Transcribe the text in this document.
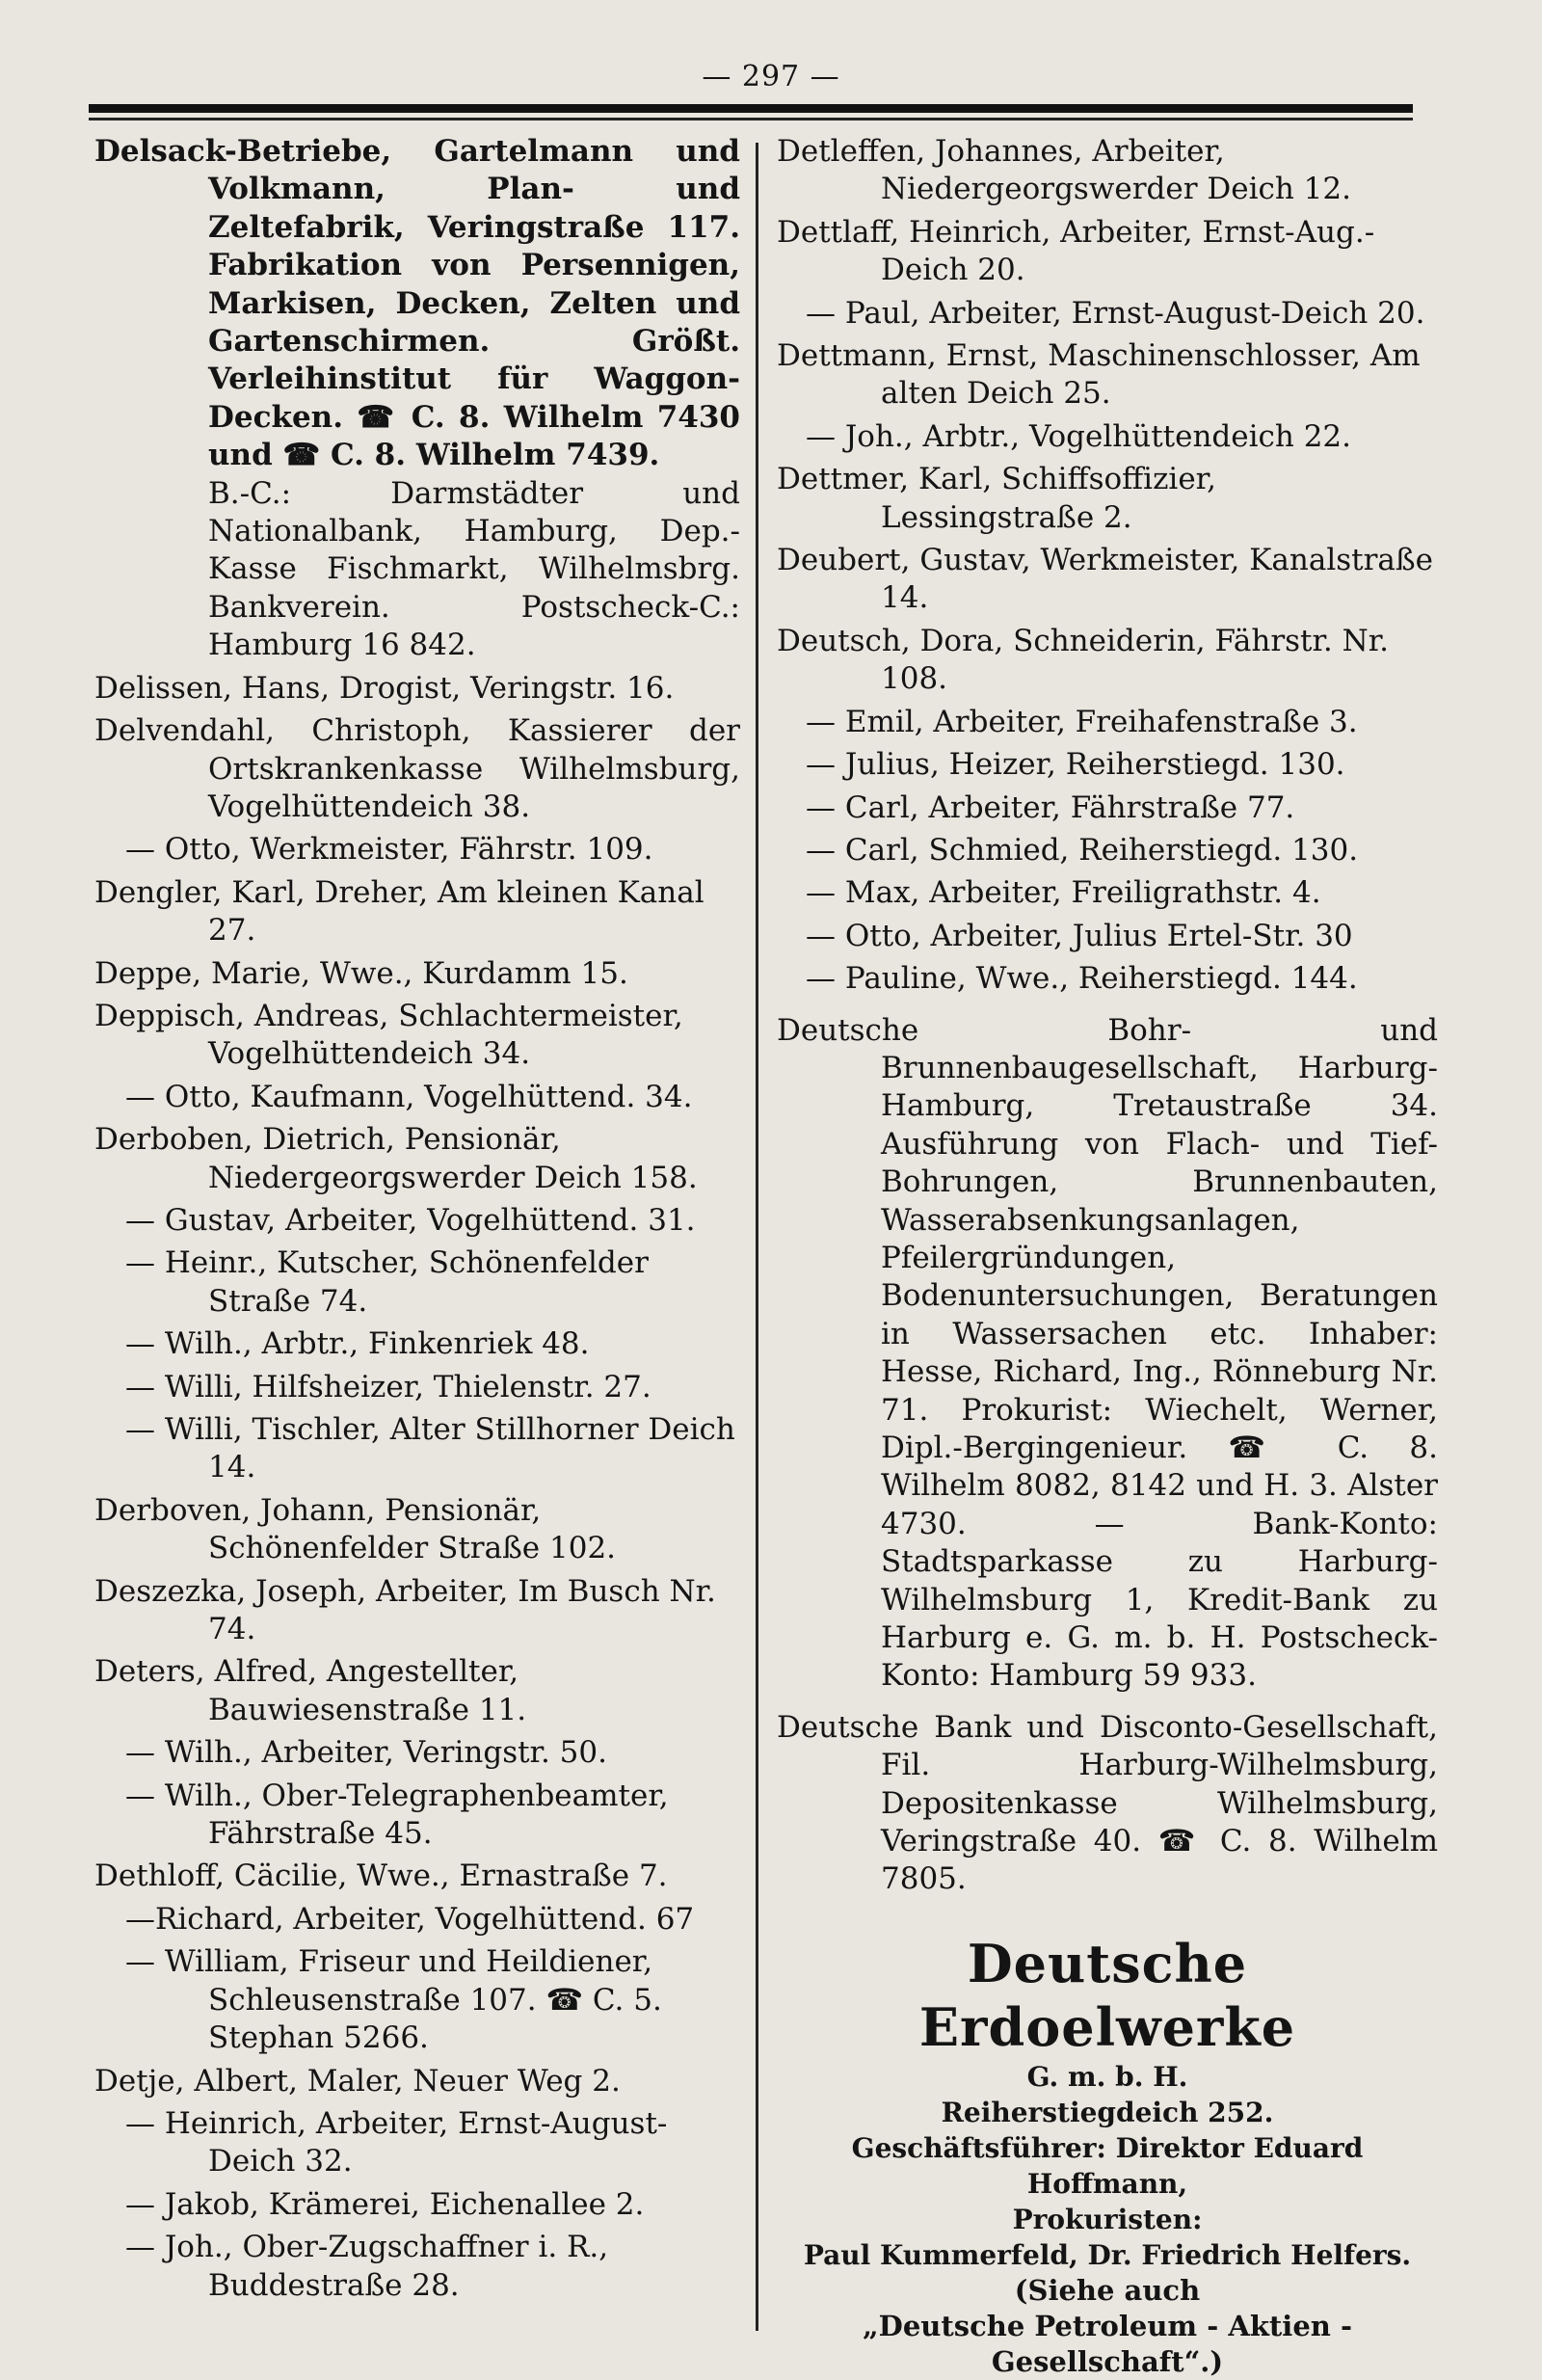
— 297 —
Delsack-Betriebe, Gartelmann und Volkmann, Plan- und Zeltefabrik, Veringstraße 117. Fabrikation von Persennigen, Markisen, Decken, Zelten und Gartenschirmen. Größt. Verleihinstitut für Waggon-Decken. ☎ C. 8. Wilhelm 7430 und ☎ C. 8. Wilhelm 7439.
B.-C.: Darmstädter und Nationalbank, Hamburg, Dep.-Kasse Fischmarkt, Wilhelmsbrg. Bankverein. Postscheck-C.: Hamburg 16 842.
Delissen, Hans, Drogist, Veringstr. 16.
Delvendahl, Christoph, Kassierer der Ortskrankenkasse Wilhelmsburg, Vogelhüttendeich 38.
— Otto, Werkmeister, Fährstr. 109.
Dengler, Karl, Dreher, Am kleinen Kanal 27.
Deppe, Marie, Wwe., Kurdamm 15.
Deppisch, Andreas, Schlachtermeister, Vogelhüttendeich 34.
— Otto, Kaufmann, Vogelhüttend. 34.
Derboben, Dietrich, Pensionär, Niedergeorgswerder Deich 158.
— Gustav, Arbeiter, Vogelhüttend. 31.
— Heinr., Kutscher, Schönenfelder Straße 74.
— Wilh., Arbtr., Finkenriek 48.
— Willi, Hilfsheizer, Thielenstr. 27.
— Willi, Tischler, Alter Stillhorner Deich 14.
Derboven, Johann, Pensionär, Schönenfelder Straße 102.
Deszezka, Joseph, Arbeiter, Im Busch Nr. 74.
Deters, Alfred, Angestellter, Bauwiesenstraße 11.
— Wilh., Arbeiter, Veringstr. 50.
— Wilh., Ober-Telegraphenbeamter, Fährstraße 45.
Dethloff, Cäcilie, Wwe., Ernastraße 7.
—Richard, Arbeiter, Vogelhüttend. 67
— William, Friseur und Heildiener, Schleusenstraße 107. ☎ C. 5. Stephan 5266.
Detje, Albert, Maler, Neuer Weg 2.
— Heinrich, Arbeiter, Ernst-August-Deich 32.
— Jakob, Krämerei, Eichenallee 2.
— Joh., Ober-Zugschaffner i. R., Buddestraße 28.
Detleffen, Johannes, Arbeiter, Niedergeorgswerder Deich 12.
Dettlaff, Heinrich, Arbeiter, Ernst-Aug.-Deich 20.
— Paul, Arbeiter, Ernst-August-Deich 20.
Dettmann, Ernst, Maschinenschlosser, Am alten Deich 25.
— Joh., Arbtr., Vogelhüttendeich 22.
Dettmer, Karl, Schiffsoffizier, Lessingstraße 2.
Deubert, Gustav, Werkmeister, Kanalstraße 14.
Deutsch, Dora, Schneiderin, Fährstr. Nr. 108.
— Emil, Arbeiter, Freihafenstraße 3.
— Julius, Heizer, Reiherstiegd. 130.
— Carl, Arbeiter, Fährstraße 77.
— Carl, Schmied, Reiherstiegd. 130.
— Max, Arbeiter, Freiligrathstr. 4.
— Otto, Arbeiter, Julius Ertel-Str. 30
— Pauline, Wwe., Reiherstiegd. 144.
Deutsche Bohr- und Brunnenbaugesellschaft, Harburg-Hamburg, Tretaustraße 34. Ausführung von Flach- und Tief-Bohrungen, Brunnenbauten, Wasserabsenkungsanlagen, Pfeilergründungen, Bodenuntersuchungen, Beratungen in Wassersachen etc. Inhaber: Hesse, Richard, Ing., Rönneburg Nr. 71. Prokurist: Wiechelt, Werner, Dipl.-Bergingenieur. ☎ C. 8. Wilhelm 8082, 8142 und H. 3. Alster 4730. — Bank-Konto: Stadtsparkasse zu Harburg-Wilhelmsburg 1, Kredit-Bank zu Harburg e. G. m. b. H. Postscheck-Konto: Hamburg 59 933.
Deutsche Bank und Disconto-Gesellschaft, Fil. Harburg-Wilhelmsburg, Depositenkasse Wilhelmsburg, Veringstraße 40. ☎ C. 8. Wilhelm 7805.
Deutsche Erdoelwerke
G. m. b. H.
Reiherstiegdeich 252.
Geschäftsführer: Direktor Eduard Hoffmann,
Prokuristen:
Paul Kummerfeld, Dr. Friedrich Helfers.
(Siehe auch
„Deutsche Petroleum - Aktien - Gesellschaft“.)
